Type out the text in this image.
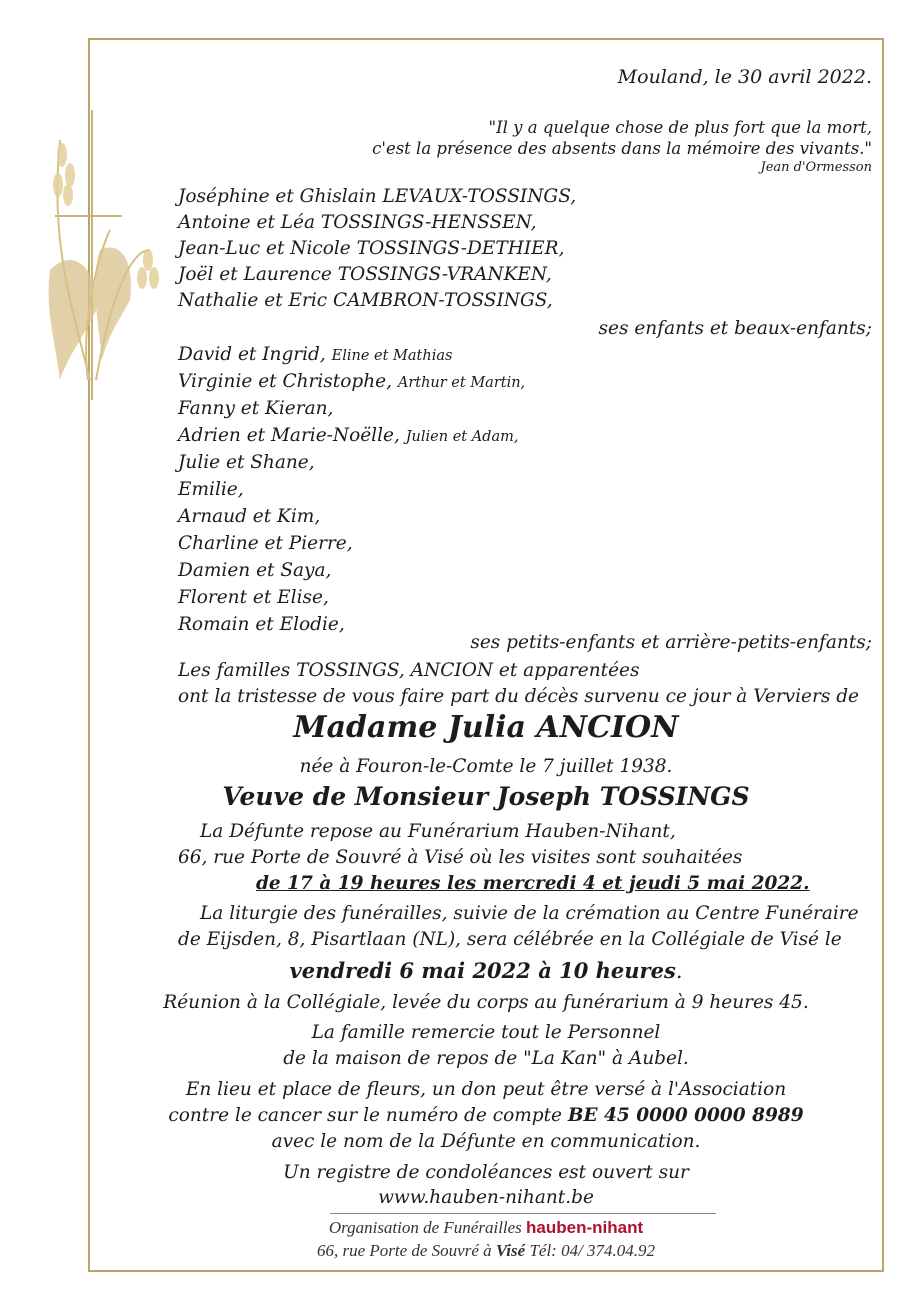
Mouland, le 30 avril 2022.
"Il y a quelque chose de plus fort que la mort,
c'est la présence des absents dans la mémoire des vivants."
Jean d'Ormesson
Joséphine et Ghislain LEVAUX-TOSSINGS,
Antoine et Léa TOSSINGS-HENSSEN,
Jean-Luc et Nicole TOSSINGS-DETHIER,
Joël et Laurence TOSSINGS-VRANKEN,
Nathalie et Eric CAMBRON-TOSSINGS,
ses enfants et beaux-enfants;
David et Ingrid, Eline et Mathias
Virginie et Christophe, Arthur et Martin,
Fanny et Kieran,
Adrien et Marie-Noëlle, Julien et Adam,
Julie et Shane,
Emilie,
Arnaud et Kim,
Charline et Pierre,
Damien et Saya,
Florent et Elise,
Romain et Elodie,
ses petits-enfants et arrière-petits-enfants;
Les familles TOSSINGS, ANCION et apparentées
ont la tristesse de vous faire part du décès survenu ce jour à Verviers de
Madame Julia ANCION
née à Fouron-le-Comte le 7 juillet 1938.
Veuve de Monsieur Joseph TOSSINGS
La Défunte repose au Funérarium Hauben-Nihant,
66, rue Porte de Souvré à Visé où les visites sont souhaitées
de 17 à 19 heures les mercredi 4 et jeudi 5 mai 2022.
La liturgie des funérailles, suivie de la crémation au Centre Funéraire
de Eijsden, 8, Pisartlaan (NL), sera célébrée en la Collégiale de Visé le
vendredi 6 mai 2022 à 10 heures.
Réunion à la Collégiale, levée du corps au funérarium à 9 heures 45.
La famille remercie tout le Personnel
de la maison de repos de "La Kan" à Aubel.
En lieu et place de fleurs, un don peut être versé à l'Association
contre le cancer sur le numéro de compte BE 45 0000 0000 8989
avec le nom de la Défunte en communication.
Un registre de condoléances est ouvert sur
www.hauben-nihant.be
Organisation de Funérailles hauben-nihant
66, rue Porte de Souvré à Visé Tél: 04/ 374.04.92
